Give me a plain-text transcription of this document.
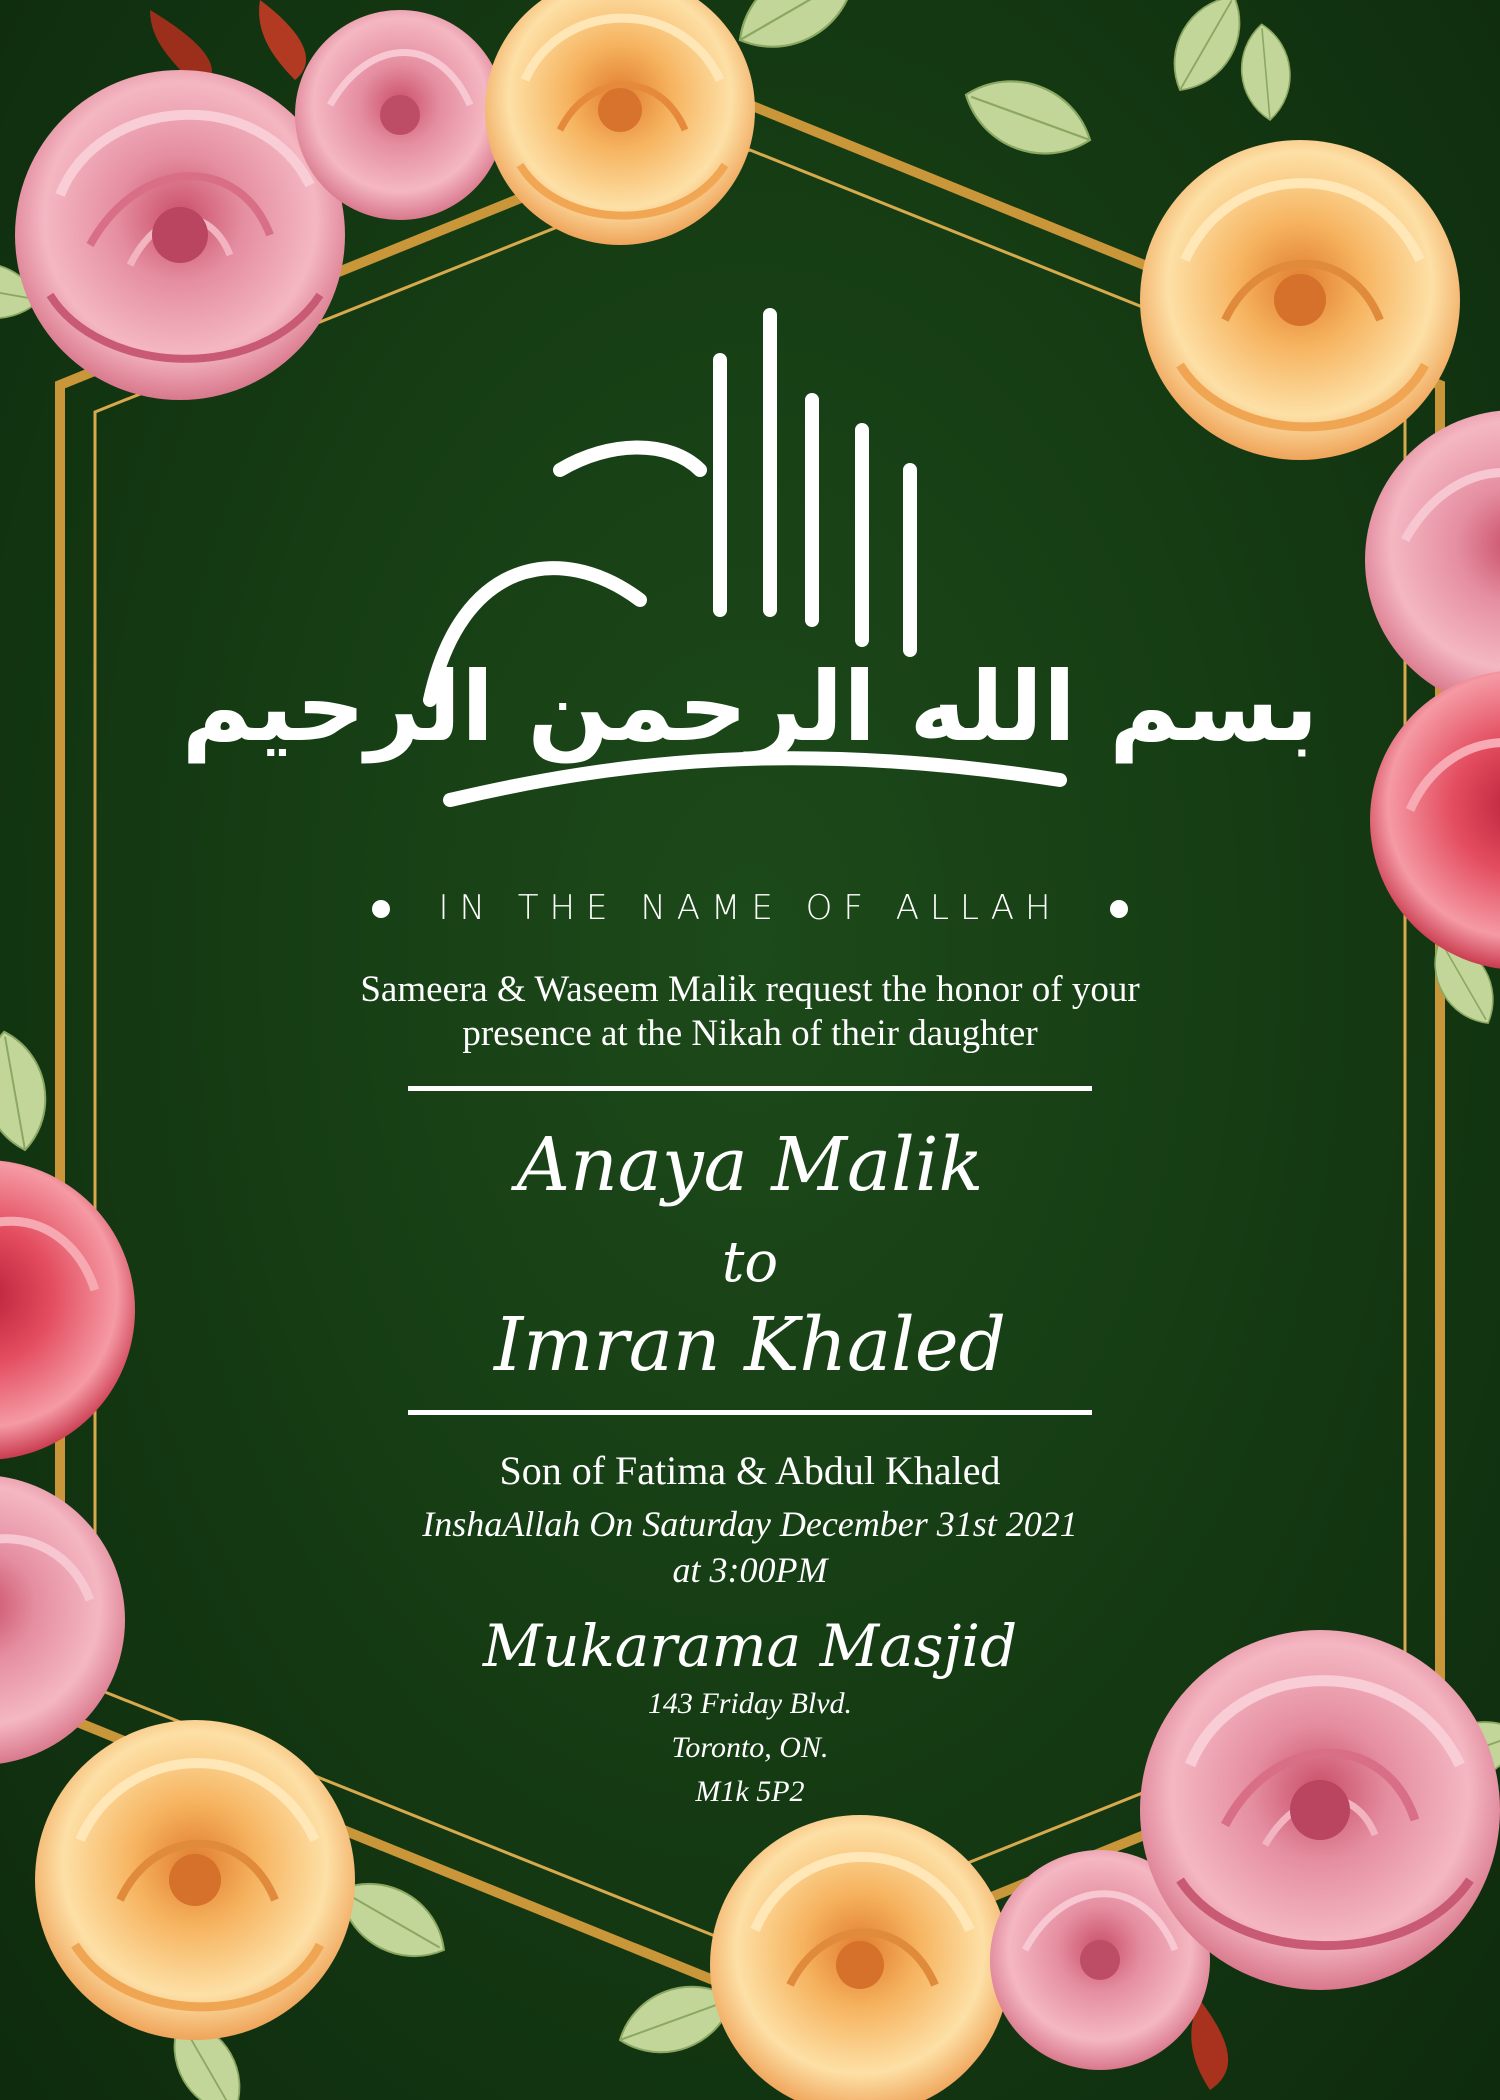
بسم الله الرحمن الرحيم
IN THE NAME OF ALLAH
Sameera & Waseem Malik request the honor of your
presence at the Nikah of their daughter
Anaya Malik
to
Imran Khaled
Son of Fatima & Abdul Khaled
InshaAllah On Saturday December 31st 2021
at 3:00PM
Mukarama Masjid
143 Friday Blvd.
Toronto, ON.
M1k 5P2
